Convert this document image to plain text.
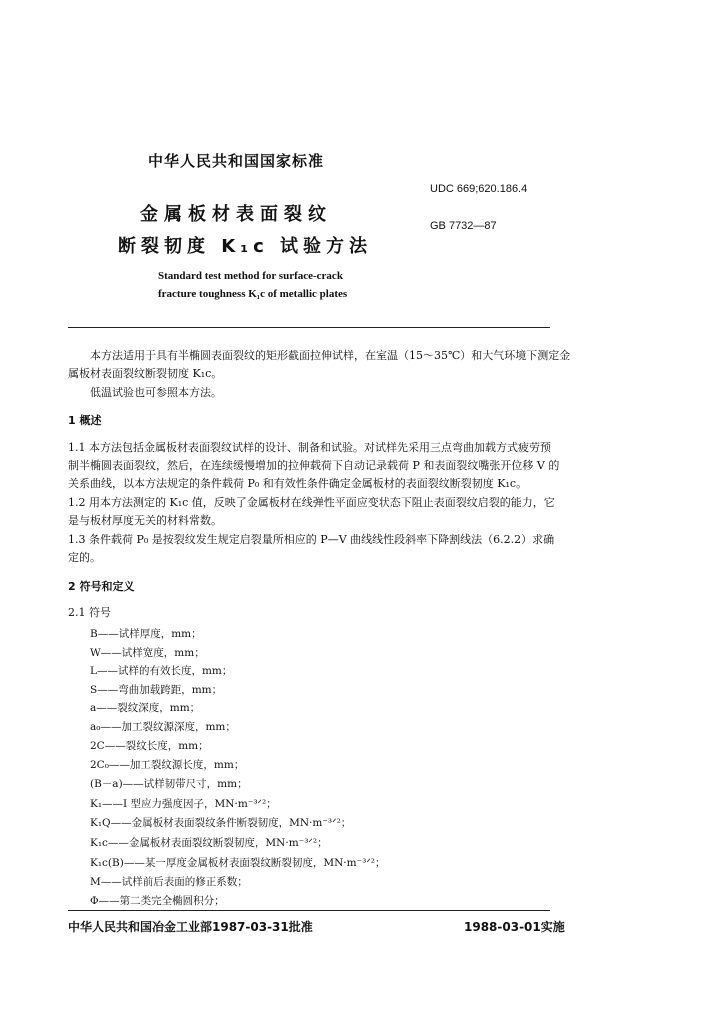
中华人民共和国国家标准
金属板材表面裂纹
断裂韧度 K₁c 试验方法
UDC 669;620.186.4
GB 7732—87
Standard test method for surface-crack
fracture toughness K₁c of metallic plates
本方法适用于具有半椭圆表面裂纹的矩形截面拉伸试样，在室温（15～35℃）和大气环境下测定金
属板材表面裂纹断裂韧度 K₁c。
低温试验也可参照本方法。
1 概述
1.1 本方法包括金属板材表面裂纹试样的设计、制备和试验。对试样先采用三点弯曲加载方式疲劳预
制半椭圆表面裂纹，然后，在连续缓慢增加的拉伸载荷下自动记录载荷 P 和表面裂纹嘴张开位移 V 的
关系曲线，以本方法规定的条件载荷 P₀ 和有效性条件确定金属板材的表面裂纹断裂韧度 K₁c。
1.2 用本方法测定的 K₁c 值，反映了金属板材在线弹性平面应变状态下阻止表面裂纹启裂的能力，它
是与板材厚度无关的材料常数。
1.3 条件载荷 P₀ 是按裂纹发生规定启裂量所相应的 P—V 曲线线性段斜率下降割线法（6.2.2）求确
定的。
2 符号和定义
2.1 符号
B——试样厚度，mm；
W——试样宽度，mm；
L——试样的有效长度，mm；
S——弯曲加载跨距，mm；
a——裂纹深度，mm；
a₀——加工裂纹源深度，mm；
2C——裂纹长度，mm；
2C₀——加工裂纹源长度，mm；
(B－a)——试样韧带尺寸，mm；
K₁——I 型应力强度因子，MN·m⁻³ᐟ²；
K₁Q——金属板材表面裂纹条件断裂韧度，MN·m⁻³ᐟ²；
K₁c——金属板材表面裂纹断裂韧度，MN·m⁻³ᐟ²；
K₁c(B)——某一厚度金属板材表面裂纹断裂韧度，MN·m⁻³ᐟ²；
M——试样前后表面的修正系数；
Φ——第二类完全椭圆积分；
中华人民共和国冶金工业部1987-03-31批准	1988-03-01实施
